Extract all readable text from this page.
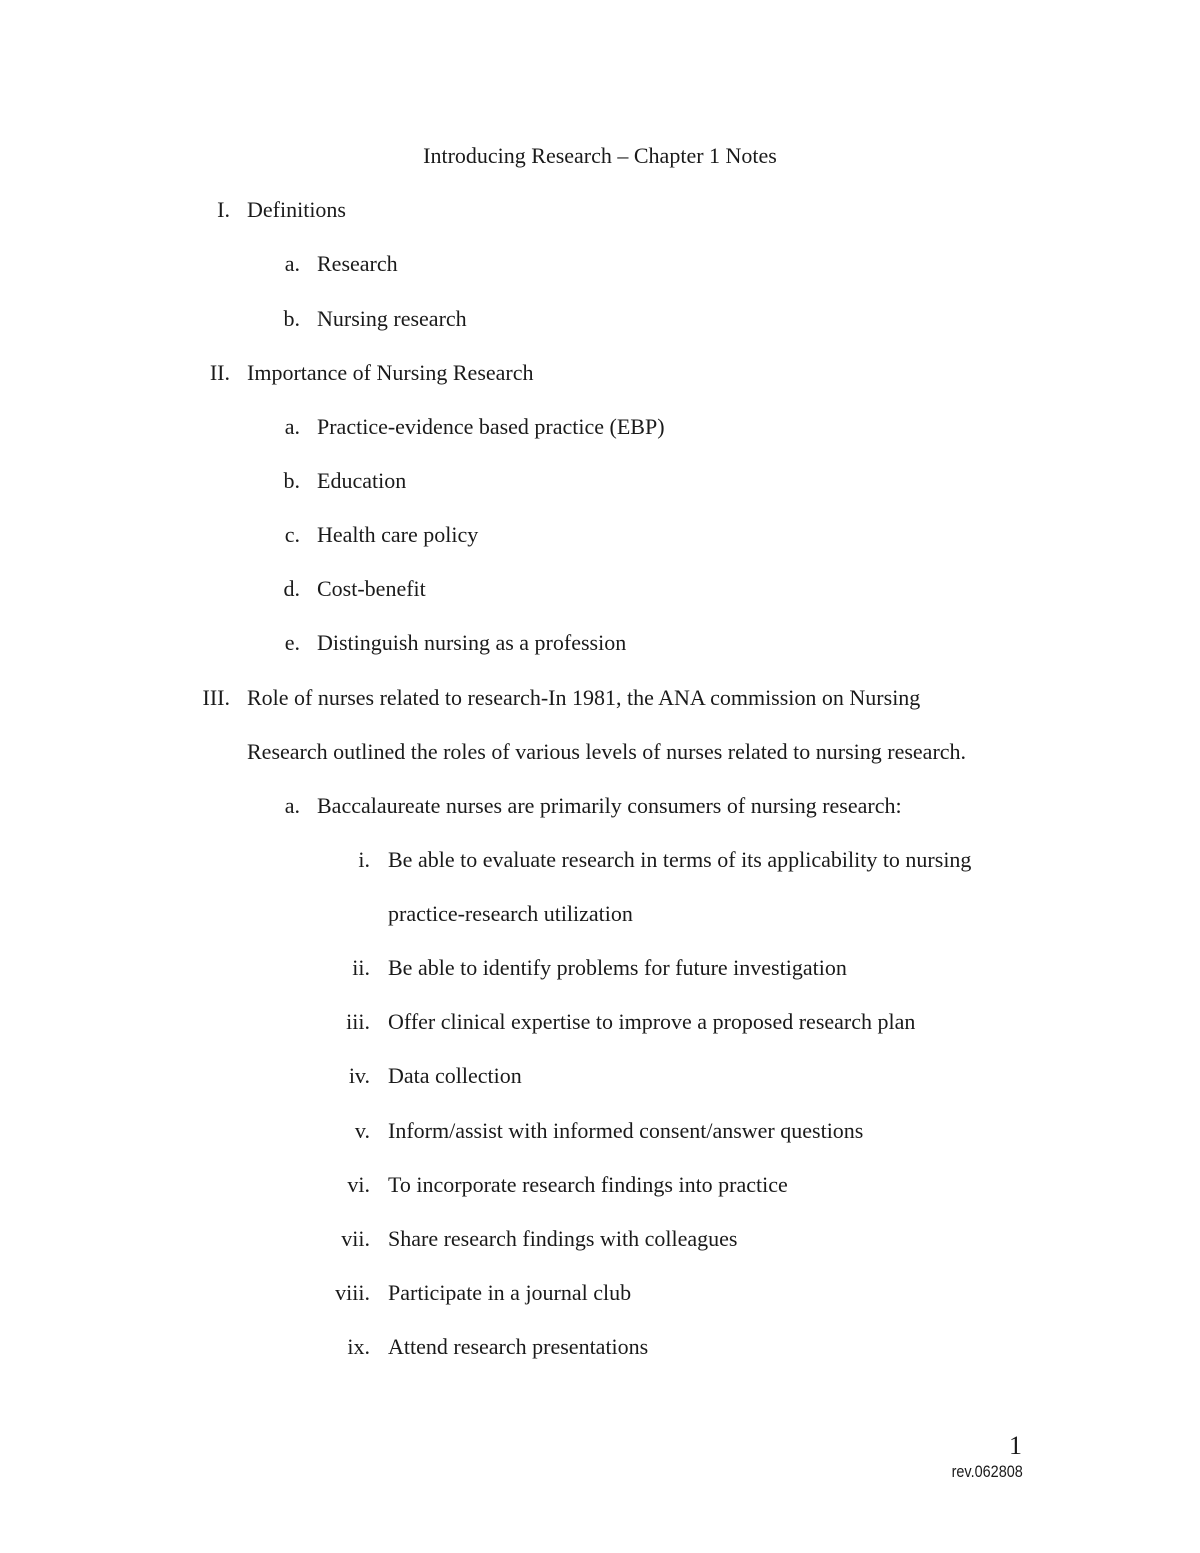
Introducing Research – Chapter 1 Notes
I. Definitions
a. Research
b. Nursing research
II. Importance of Nursing Research
a. Practice-evidence based practice (EBP)
b. Education
c. Health care policy
d. Cost-benefit
e. Distinguish nursing as a profession
III. Role of nurses related to research-In 1981, the ANA commission on Nursing
Research outlined the roles of various levels of nurses related to nursing research.
a. Baccalaureate nurses are primarily consumers of nursing research:
i. Be able to evaluate research in terms of its applicability to nursing
practice-research utilization
ii. Be able to identify problems for future investigation
iii. Offer clinical expertise to improve a proposed research plan
iv. Data collection
v. Inform/assist with informed consent/answer questions
vi. To incorporate research findings into practice
vii. Share research findings with colleagues
viii. Participate in a journal club
ix. Attend research presentations
1
rev.062808
